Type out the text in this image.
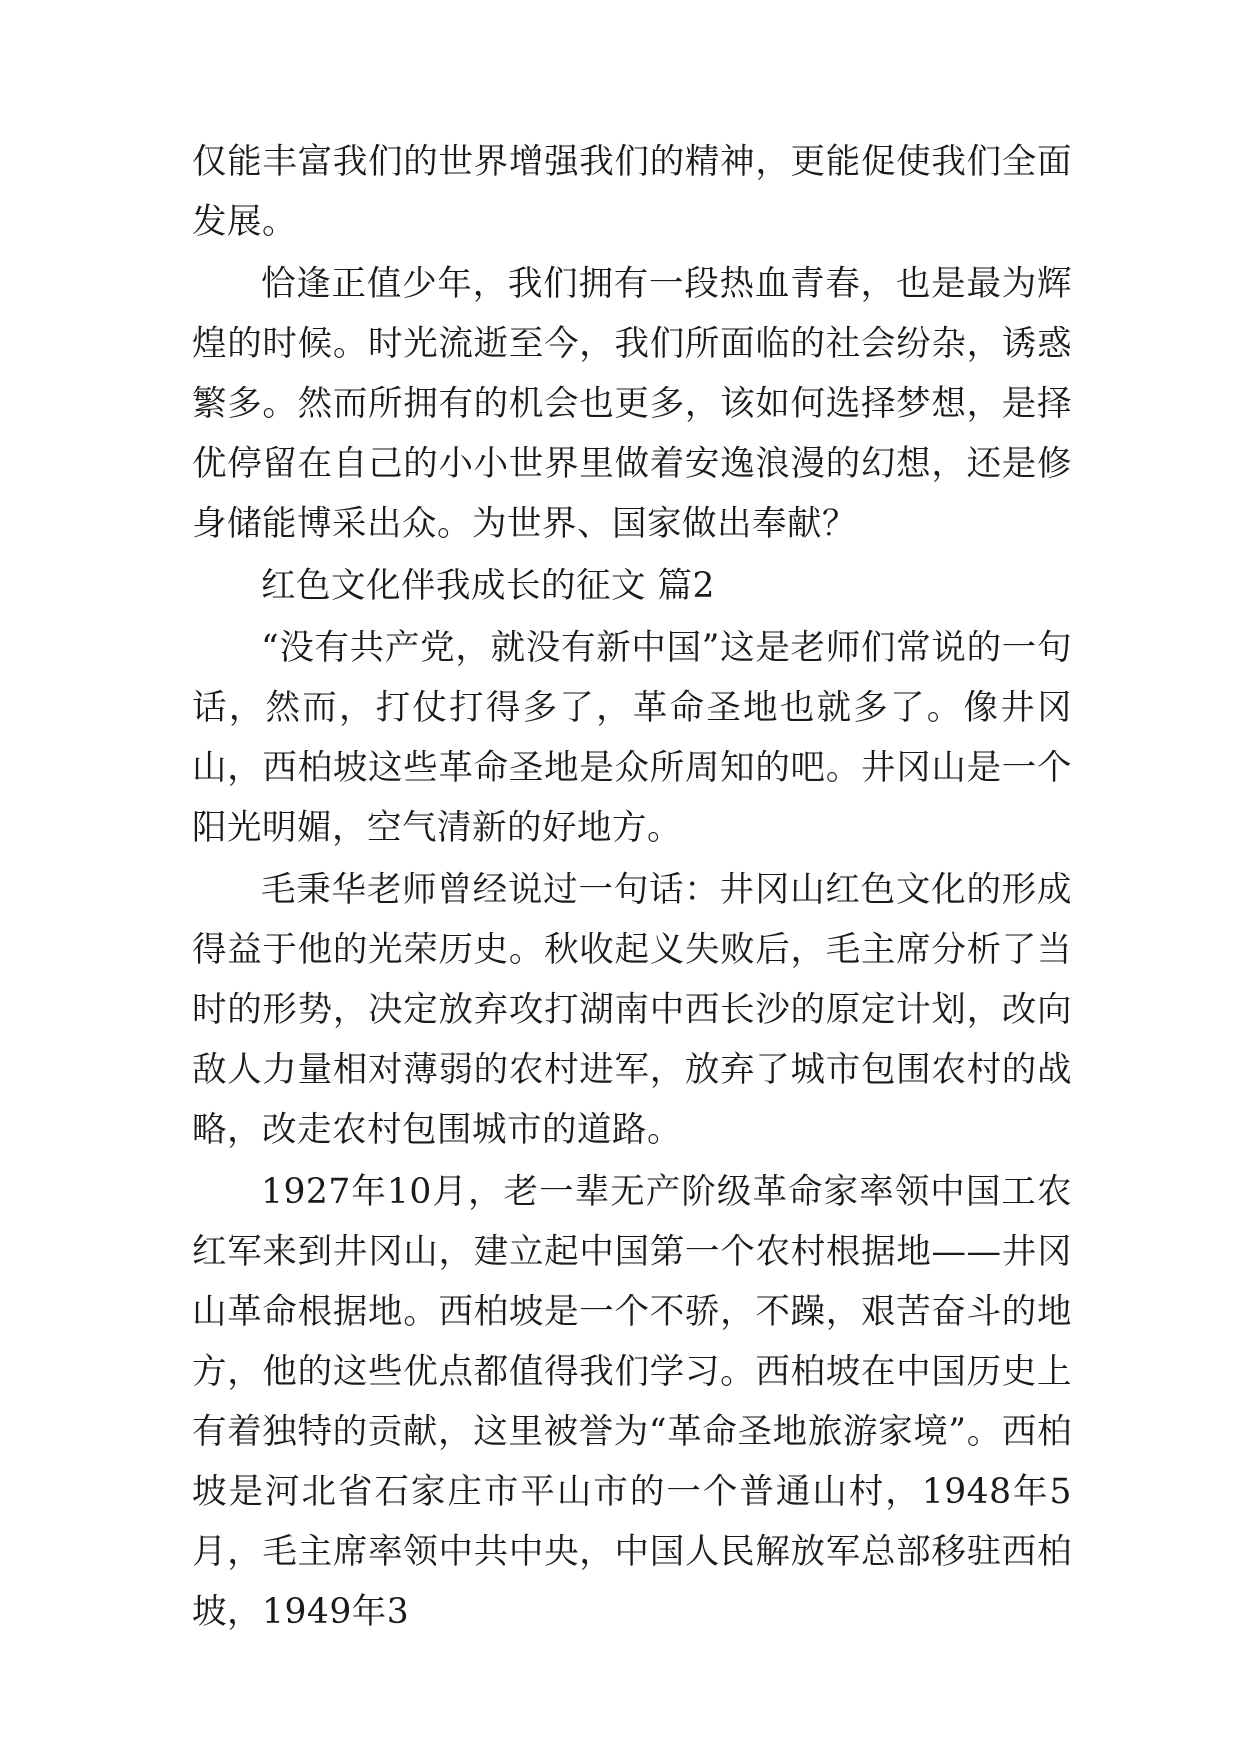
仅能丰富我们的世界增强我们的精神，更能促使我们全面发展。

恰逢正值少年，我们拥有一段热血青春，也是最为辉煌的时候。时光流逝至今，我们所面临的社会纷杂，诱惑繁多。然而所拥有的机会也更多，该如何选择梦想，是择优停留在自己的小小世界里做着安逸浪漫的幻想，还是修身储能博采出众。为世界、国家做出奉献？

红色文化伴我成长的征文 篇2

“没有共产党，就没有新中国”这是老师们常说的一句话，然而，打仗打得多了，革命圣地也就多了。像井冈山，西柏坡这些革命圣地是众所周知的吧。井冈山是一个阳光明媚，空气清新的好地方。

毛秉华老师曾经说过一句话：井冈山红色文化的形成得益于他的光荣历史。秋收起义失败后，毛主席分析了当时的形势，决定放弃攻打湖南中西长沙的原定计划，改向敌人力量相对薄弱的农村进军，放弃了城市包围农村的战略，改走农村包围城市的道路。

1927年10月，老一辈无产阶级革命家率领中国工农红军来到井冈山，建立起中国第一个农村根据地——井冈山革命根据地。西柏坡是一个不骄，不躁，艰苦奋斗的地方，他的这些优点都值得我们学习。西柏坡在中国历史上有着独特的贡献，这里被誉为“革命圣地旅游家境”。西柏坡是河北省石家庄市平山市的一个普通山村，1948年5月，毛主席率领中共中央，中国人民解放军总部移驻西柏坡，1949年3
